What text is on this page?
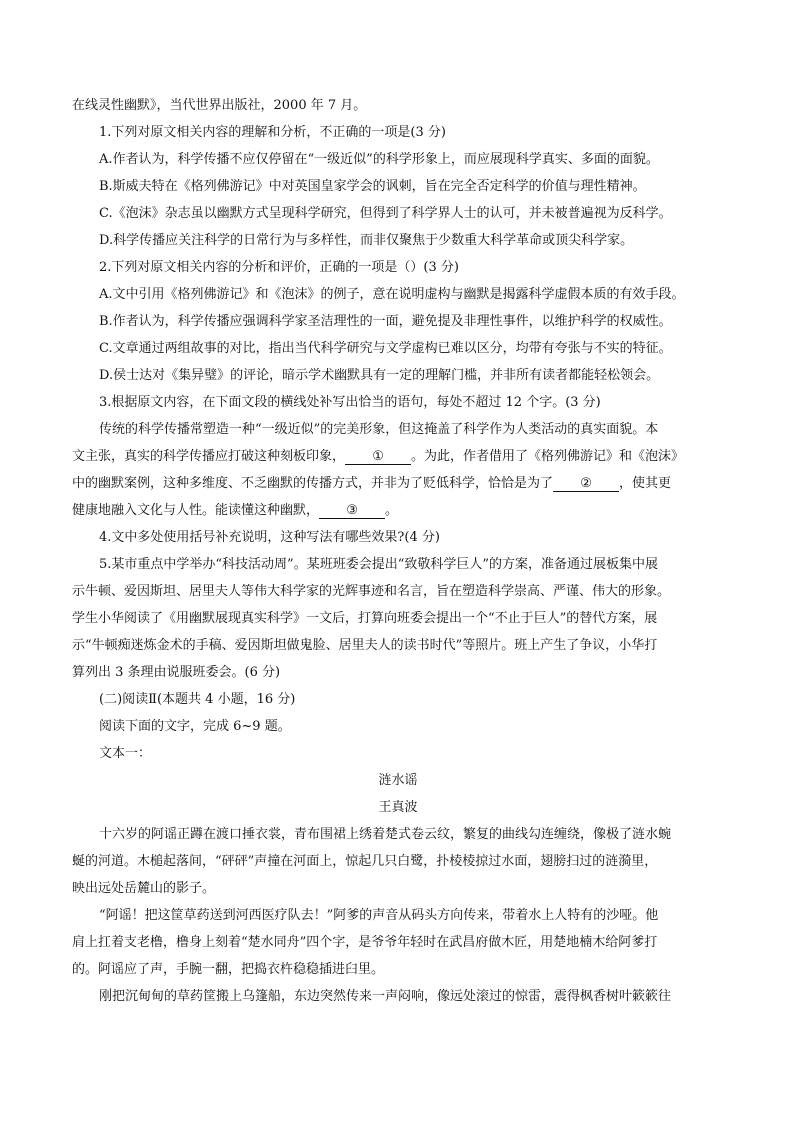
在线灵性幽默》，当代世界出版社，2000 年 7 月。
1.下列对原文相关内容的理解和分析，不正确的一项是(3 分)
A.作者认为，科学传播不应仅停留在“一级近似”的科学形象上，而应展现科学真实、多面的面貌。
B.斯威夫特在《格列佛游记》中对英国皇家学会的讽刺，旨在完全否定科学的价值与理性精神。
C.《泡沫》杂志虽以幽默方式呈现科学研究，但得到了科学界人士的认可，并未被普遍视为反科学。
D.科学传播应关注科学的日常行为与多样性，而非仅聚焦于少数重大科学革命或顶尖科学家。
2.下列对原文相关内容的分析和评价，正确的一项是（）(3 分)
A.文中引用《格列佛游记》和《泡沫》的例子，意在说明虚构与幽默是揭露科学虚假本质的有效手段。
B.作者认为，科学传播应强调科学家圣洁理性的一面，避免提及非理性事件，以维护科学的权威性。
C.文章通过两组故事的对比，指出当代科学研究与文学虚构已难以区分，均带有夸张与不实的特征。
D.侯士达对《集异璧》的评论，暗示学术幽默具有一定的理解门槛，并非所有读者都能轻松领会。
3.根据原文内容，在下面文段的横线处补写出恰当的语句，每处不超过 12 个字。(3 分)
传统的科学传播常塑造一种“一级近似”的完美形象，但这掩盖了科学作为人类活动的真实面貌。本
文主张，真实的科学传播应打破这种刻板印象， ① 。为此，作者借用了《格列佛游记》和《泡沫》
中的幽默案例，这种多维度、不乏幽默的传播方式，并非为了贬低科学，恰恰是为了 ② ，使其更
健康地融入文化与人性。能读懂这种幽默， ③ 。
4.文中多处使用括号补充说明，这种写法有哪些效果?(4 分)
5.某市重点中学举办“科技活动周”。某班班委会提出“致敬科学巨人”的方案，准备通过展板集中展
示牛顿、爱因斯坦、居里夫人等伟大科学家的光辉事迹和名言，旨在塑造科学崇高、严谨、伟大的形象。
学生小华阅读了《用幽默展现真实科学》一文后，打算向班委会提出一个“不止于巨人”的替代方案，展
示“牛顿痴迷炼金术的手稿、爱因斯坦做鬼脸、居里夫人的读书时代”等照片。班上产生了争议，小华打
算列出 3 条理由说服班委会。(6 分)
(二)阅读Ⅱ(本题共 4 小题，16 分)
阅读下面的文字，完成 6~9 题。
文本一：
涟水谣
王真波
十六岁的阿谣正蹲在渡口捶衣裳，青布围裙上绣着楚式卷云纹，繁复的曲线勾连缠绕，像极了涟水蜿
蜒的河道。木槌起落间，“砰砰”声撞在河面上，惊起几只白鹭，扑棱棱掠过水面，翅膀扫过的涟漪里，
映出远处岳麓山的影子。
“阿谣！把这筐草药送到河西医疗队去！”阿爹的声音从码头方向传来，带着水上人特有的沙哑。他
肩上扛着支老橹，橹身上刻着“楚水同舟”四个字，是爷爷年轻时在武昌府做木匠，用楚地楠木给阿爹打
的。阿谣应了声，手腕一翻，把捣衣杵稳稳插进臼里。
刚把沉甸甸的草药筐搬上乌篷船，东边突然传来一声闷响，像远处滚过的惊雷，震得枫香树叶簌簌往
